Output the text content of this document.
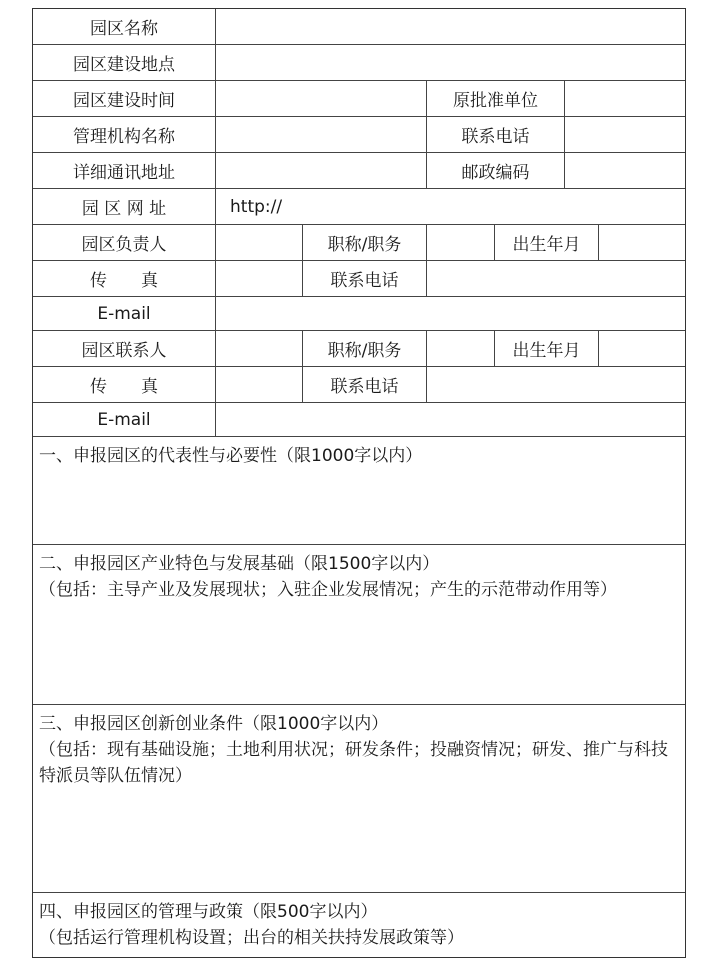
园区名称
园区建设地点
园区建设时间	原批准单位
管理机构名称	联系电话
详细通讯地址	邮政编码
园 区 网 址	http://
园区负责人	职称/职务	出生年月
传　　真	联系电话
E-mail
园区联系人	职称/职务	出生年月
传　　真	联系电话
E-mail

一、申报园区的代表性与必要性（限1000字以内）

二、申报园区产业特色与发展基础（限1500字以内）

（包括：主导产业及发展现状；入驻企业发展情况；产生的示范带动作用等）

三、申报园区创新创业条件（限1000字以内）

（包括：现有基础设施；土地利用状况；研发条件；投融资情况；研发、推广与科技特派员等队伍情况）

四、申报园区的管理与政策（限500字以内）

（包括运行管理机构设置；出台的相关扶持发展政策等）
